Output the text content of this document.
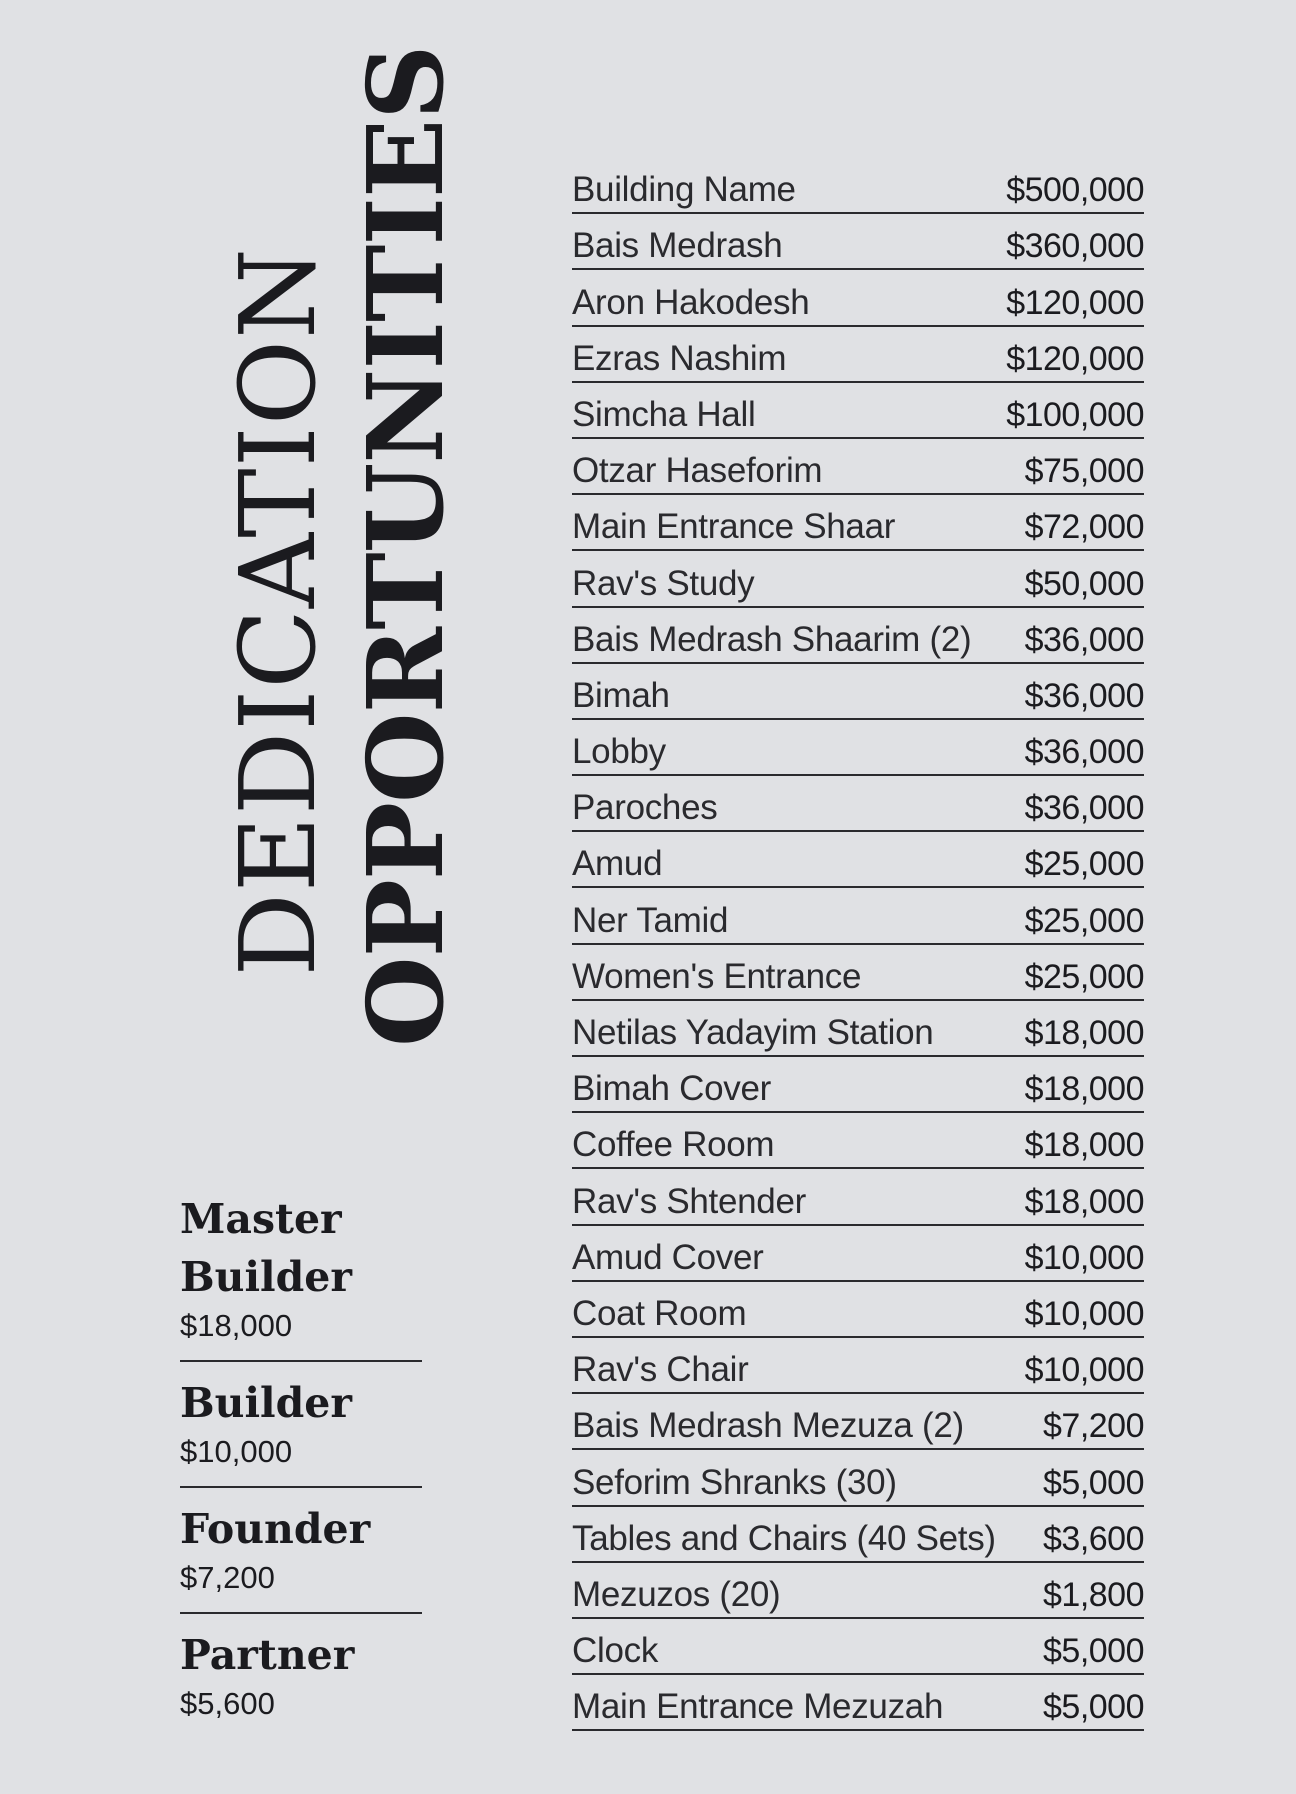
DEDICATION OPPORTUNITIES
Master Builder
$18,000
Builder
$10,000
Founder
$7,200
Partner
$5,600
Building Name	$500,000
Bais Medrash	$360,000
Aron Hakodesh	$120,000
Ezras Nashim	$120,000
Simcha Hall	$100,000
Otzar Haseforim	$75,000
Main Entrance Shaar	$72,000
Rav's Study	$50,000
Bais Medrash Shaarim (2) $36,000
Bimah	$36,000
Lobby	$36,000
Paroches	$36,000
Amud	$25,000
Ner Tamid	$25,000
Women's Entrance	$25,000
Netilas Yadayim Station	$18,000
Bimah Cover	$18,000
Coffee Room	$18,000
Rav's Shtender	$18,000
Amud Cover	$10,000
Coat Room	$10,000
Rav's Chair	$10,000
Bais Medrash Mezuza (2) $7,200
Seforim Shranks (30)	$5,000
Tables and Chairs (40 Sets) $3,600
Mezuzos (20)	$1,800
Clock	$5,000
Main Entrance Mezuzah	$5,000
